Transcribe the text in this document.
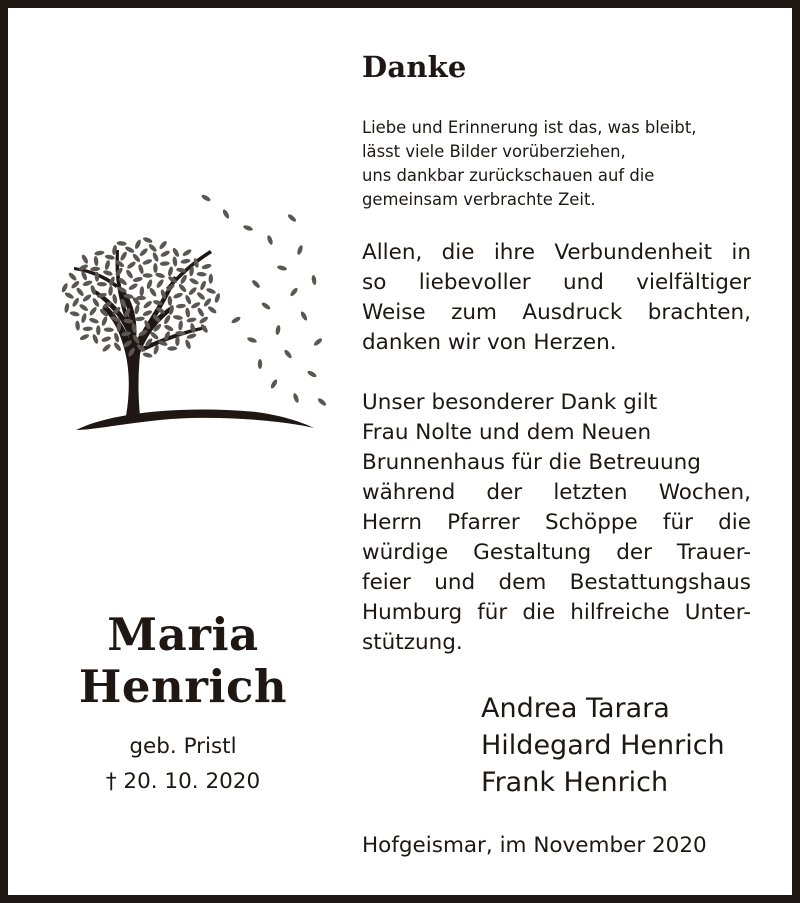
Danke
Liebe und Erinnerung ist das, was bleibt,
lässt viele Bilder vorüberziehen,
uns dankbar zurückschauen auf die
gemeinsam verbrachte Zeit.
Allen, die ihre Verbundenheit in
so liebevoller und vielfältiger
Weise zum Ausdruck brachten,
danken wir von Herzen.
Unser besonderer Dank gilt
Frau Nolte und dem Neuen
Brunnenhaus für die Betreuung
während der letzten Wochen,
Herrn Pfarrer Schöppe für die
würdige Gestaltung der Trauer-
feier und dem Bestattungshaus
Humburg für die hilfreiche Unter-
stützung.
Andrea Tarara
Hildegard Henrich
Frank Henrich
Hofgeismar, im November 2020
Maria
Henrich
geb. Pristl
† 20. 10. 2020
